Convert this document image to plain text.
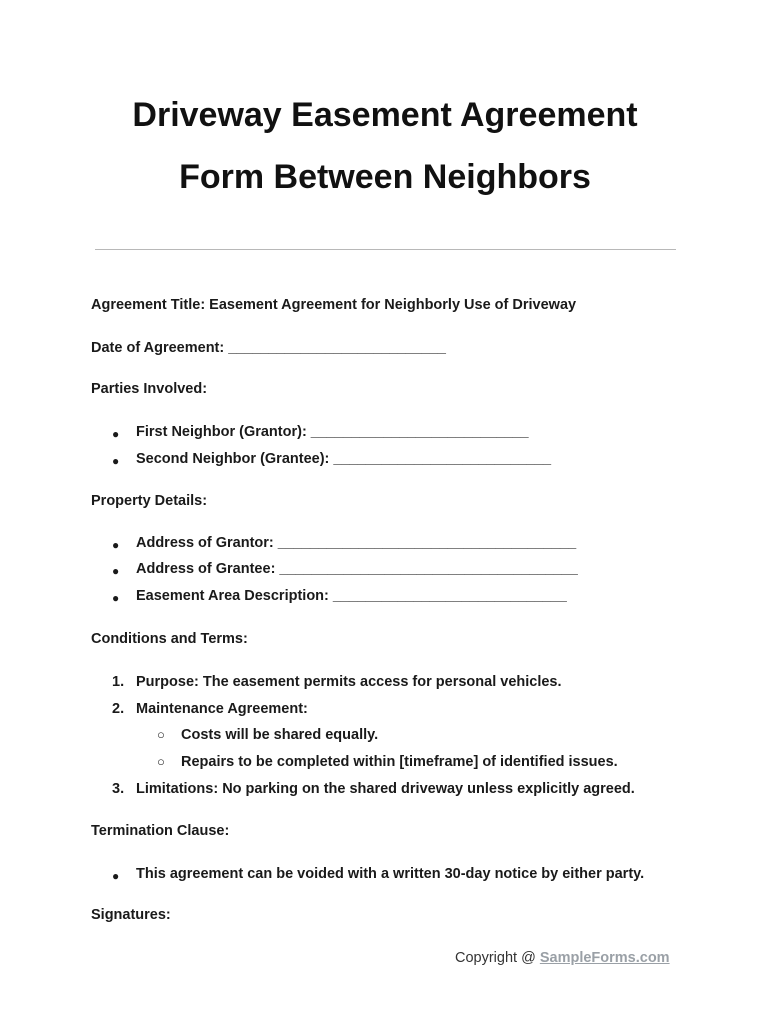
Driveway Easement Agreement
Form Between Neighbors
Agreement Title: Easement Agreement for Neighborly Use of Driveway
Date of Agreement: ___________________________
Parties Involved:
● First Neighbor (Grantor): ___________________________
● Second Neighbor (Grantee): ___________________________
Property Details:
● Address of Grantor: _____________________________________
● Address of Grantee: _____________________________________
● Easement Area Description: _____________________________
Conditions and Terms:
1. Purpose: The easement permits access for personal vehicles.
2. Maintenance Agreement:
○ Costs will be shared equally.
○ Repairs to be completed within [timeframe] of identified issues.
3. Limitations: No parking on the shared driveway unless explicitly agreed.
Termination Clause:
● This agreement can be voided with a written 30-day notice by either party.
Signatures:
Copyright @ SampleForms.com
